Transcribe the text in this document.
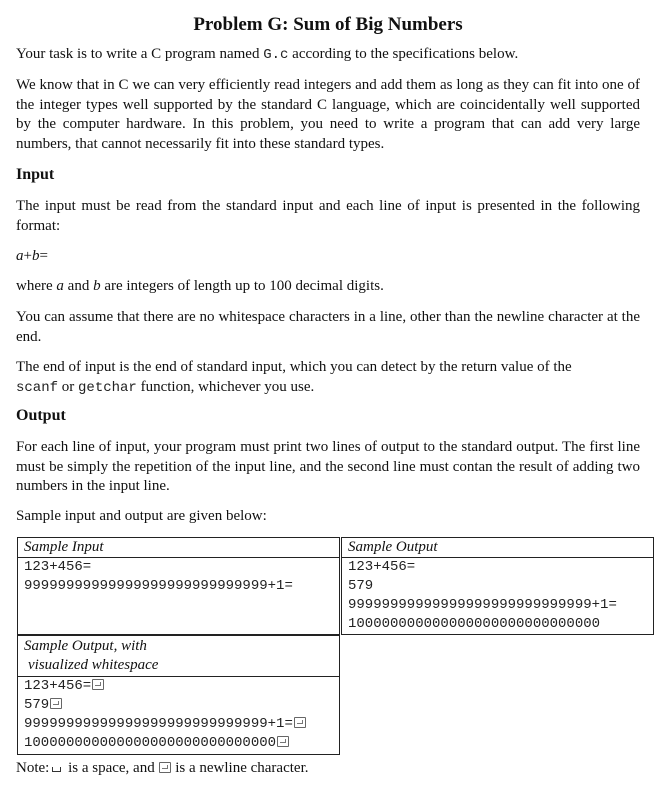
Problem G: Sum of Big Numbers
Your task is to write a C program named G.c according to the specifications below.
We know that in C we can very efficiently read integers and add them as long as they can fit into one of the integer types well supported by the standard C language, which are coincidentally well supported by the computer hardware. In this problem, you need to write a program that can add very large numbers, that cannot necessarily fit into these standard types.
Input
The input must be read from the standard input and each line of input is presented in the following format:
a+b=
where a and b are integers of length up to 100 decimal digits.
You can assume that there are no whitespace characters in a line, other than the newline character at the end.
The end of input is the end of standard input, which you can detect by the return value of the
scanf or getchar function, whichever you use.
Output
For each line of input, your program must print two lines of output to the standard output. The first line must be simply the repetition of the input line, and the second line must contan the result of adding two numbers in the input line.
Sample input and output are given below:
Sample Input
123+456=
99999999999999999999999999999+1=
Sample Output
123+456=
579
99999999999999999999999999999+1=
100000000000000000000000000000
Sample Output, with
visualized whitespace
123+456=
579
99999999999999999999999999999+1=
100000000000000000000000000000
Note: is a space, and  is a newline character.
